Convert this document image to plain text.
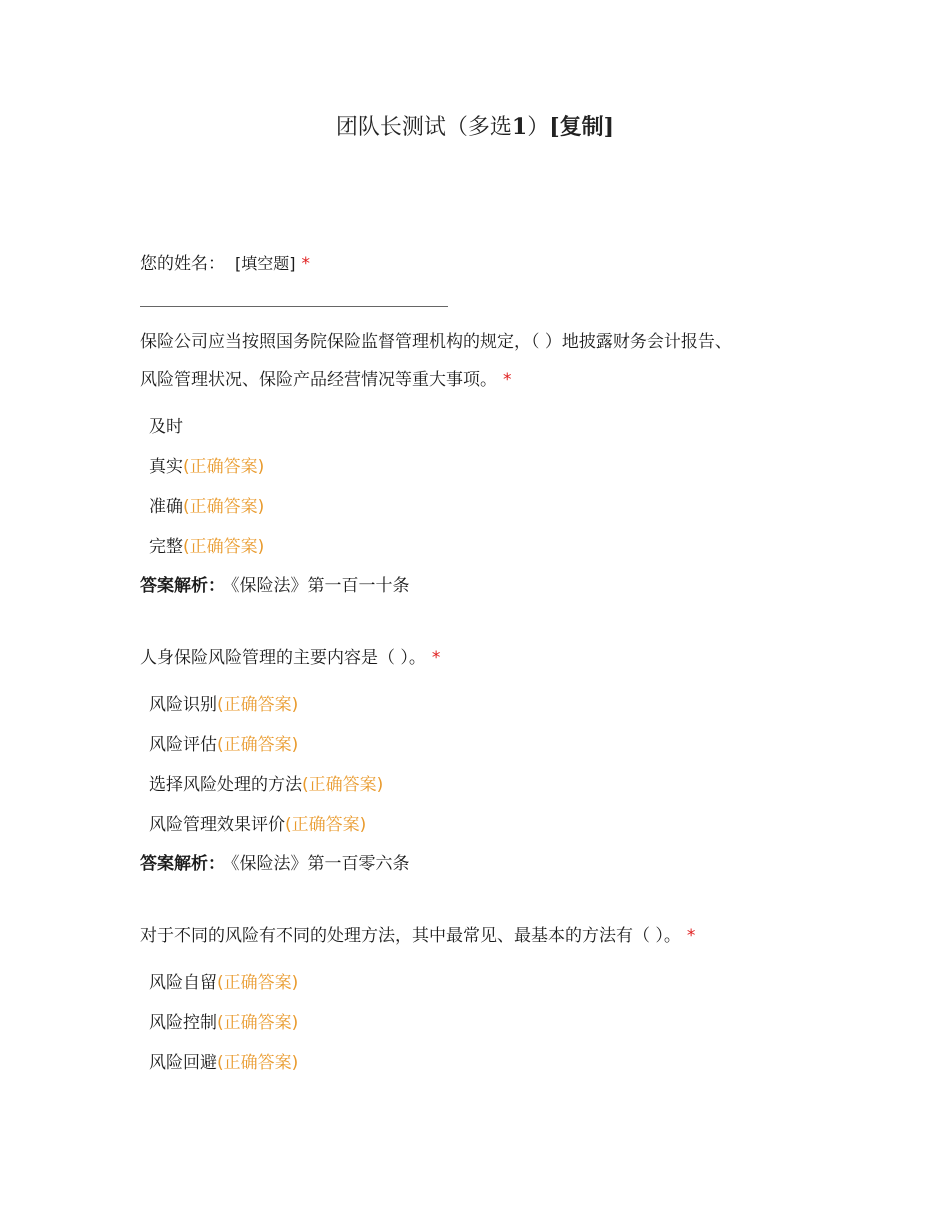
团队长测试（多选1）[复制]
您的姓名： [填空题] *
保险公司应当按照国务院保险监督管理机构的规定，（ ）地披露财务会计报告、
风险管理状况、保险产品经营情况等重大事项。 *
及时
真实(正确答案)
准确(正确答案)
完整(正确答案)
答案解析： 《保险法》第一百一十条
人身保险风险管理的主要内容是（ ）。 *
风险识别(正确答案)
风险评估(正确答案)
选择风险处理的方法(正确答案)
风险管理效果评价(正确答案)
答案解析： 《保险法》第一百零六条
对于不同的风险有不同的处理方法，其中最常见、最基本的方法有（ ）。 *
风险自留(正确答案)
风险控制(正确答案)
风险回避(正确答案)
